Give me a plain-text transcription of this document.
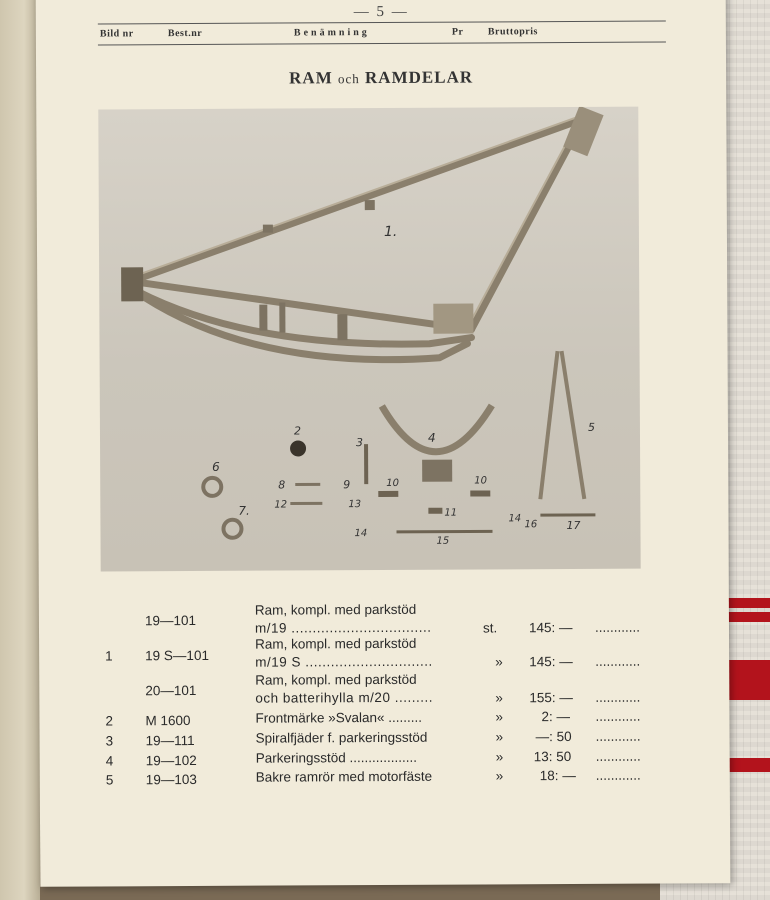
— 5 —
Bild nr	Best.nr	Benämning	Pr Bruttopris
RAM och RAMDELAR
1.
2
3	4
5
6
7.
8	9	10	10
11
12	13
14
14
15
16	17
19—101
Ram, kompl. med parkstöd
m/19 .................................	st. 145: — ............
1 19 S—101
Ram, kompl. med parkstöd
m/19 S ..............................	» 145: — ............
20—101
Ram, kompl. med parkstöd
och batterihylla m/20 .........	» 155: — ............
2 M 1600	Frontmärke »Svalan« .........	»	2: — ............
3 19—111	Spiralfjäder f. parkeringsstöd	» —: 50 ............
4 19—102	Parkeringsstöd ..................	» 13: 50 ............
5 19—103	Bakre ramrör med motorfäste	»	18: — ............
